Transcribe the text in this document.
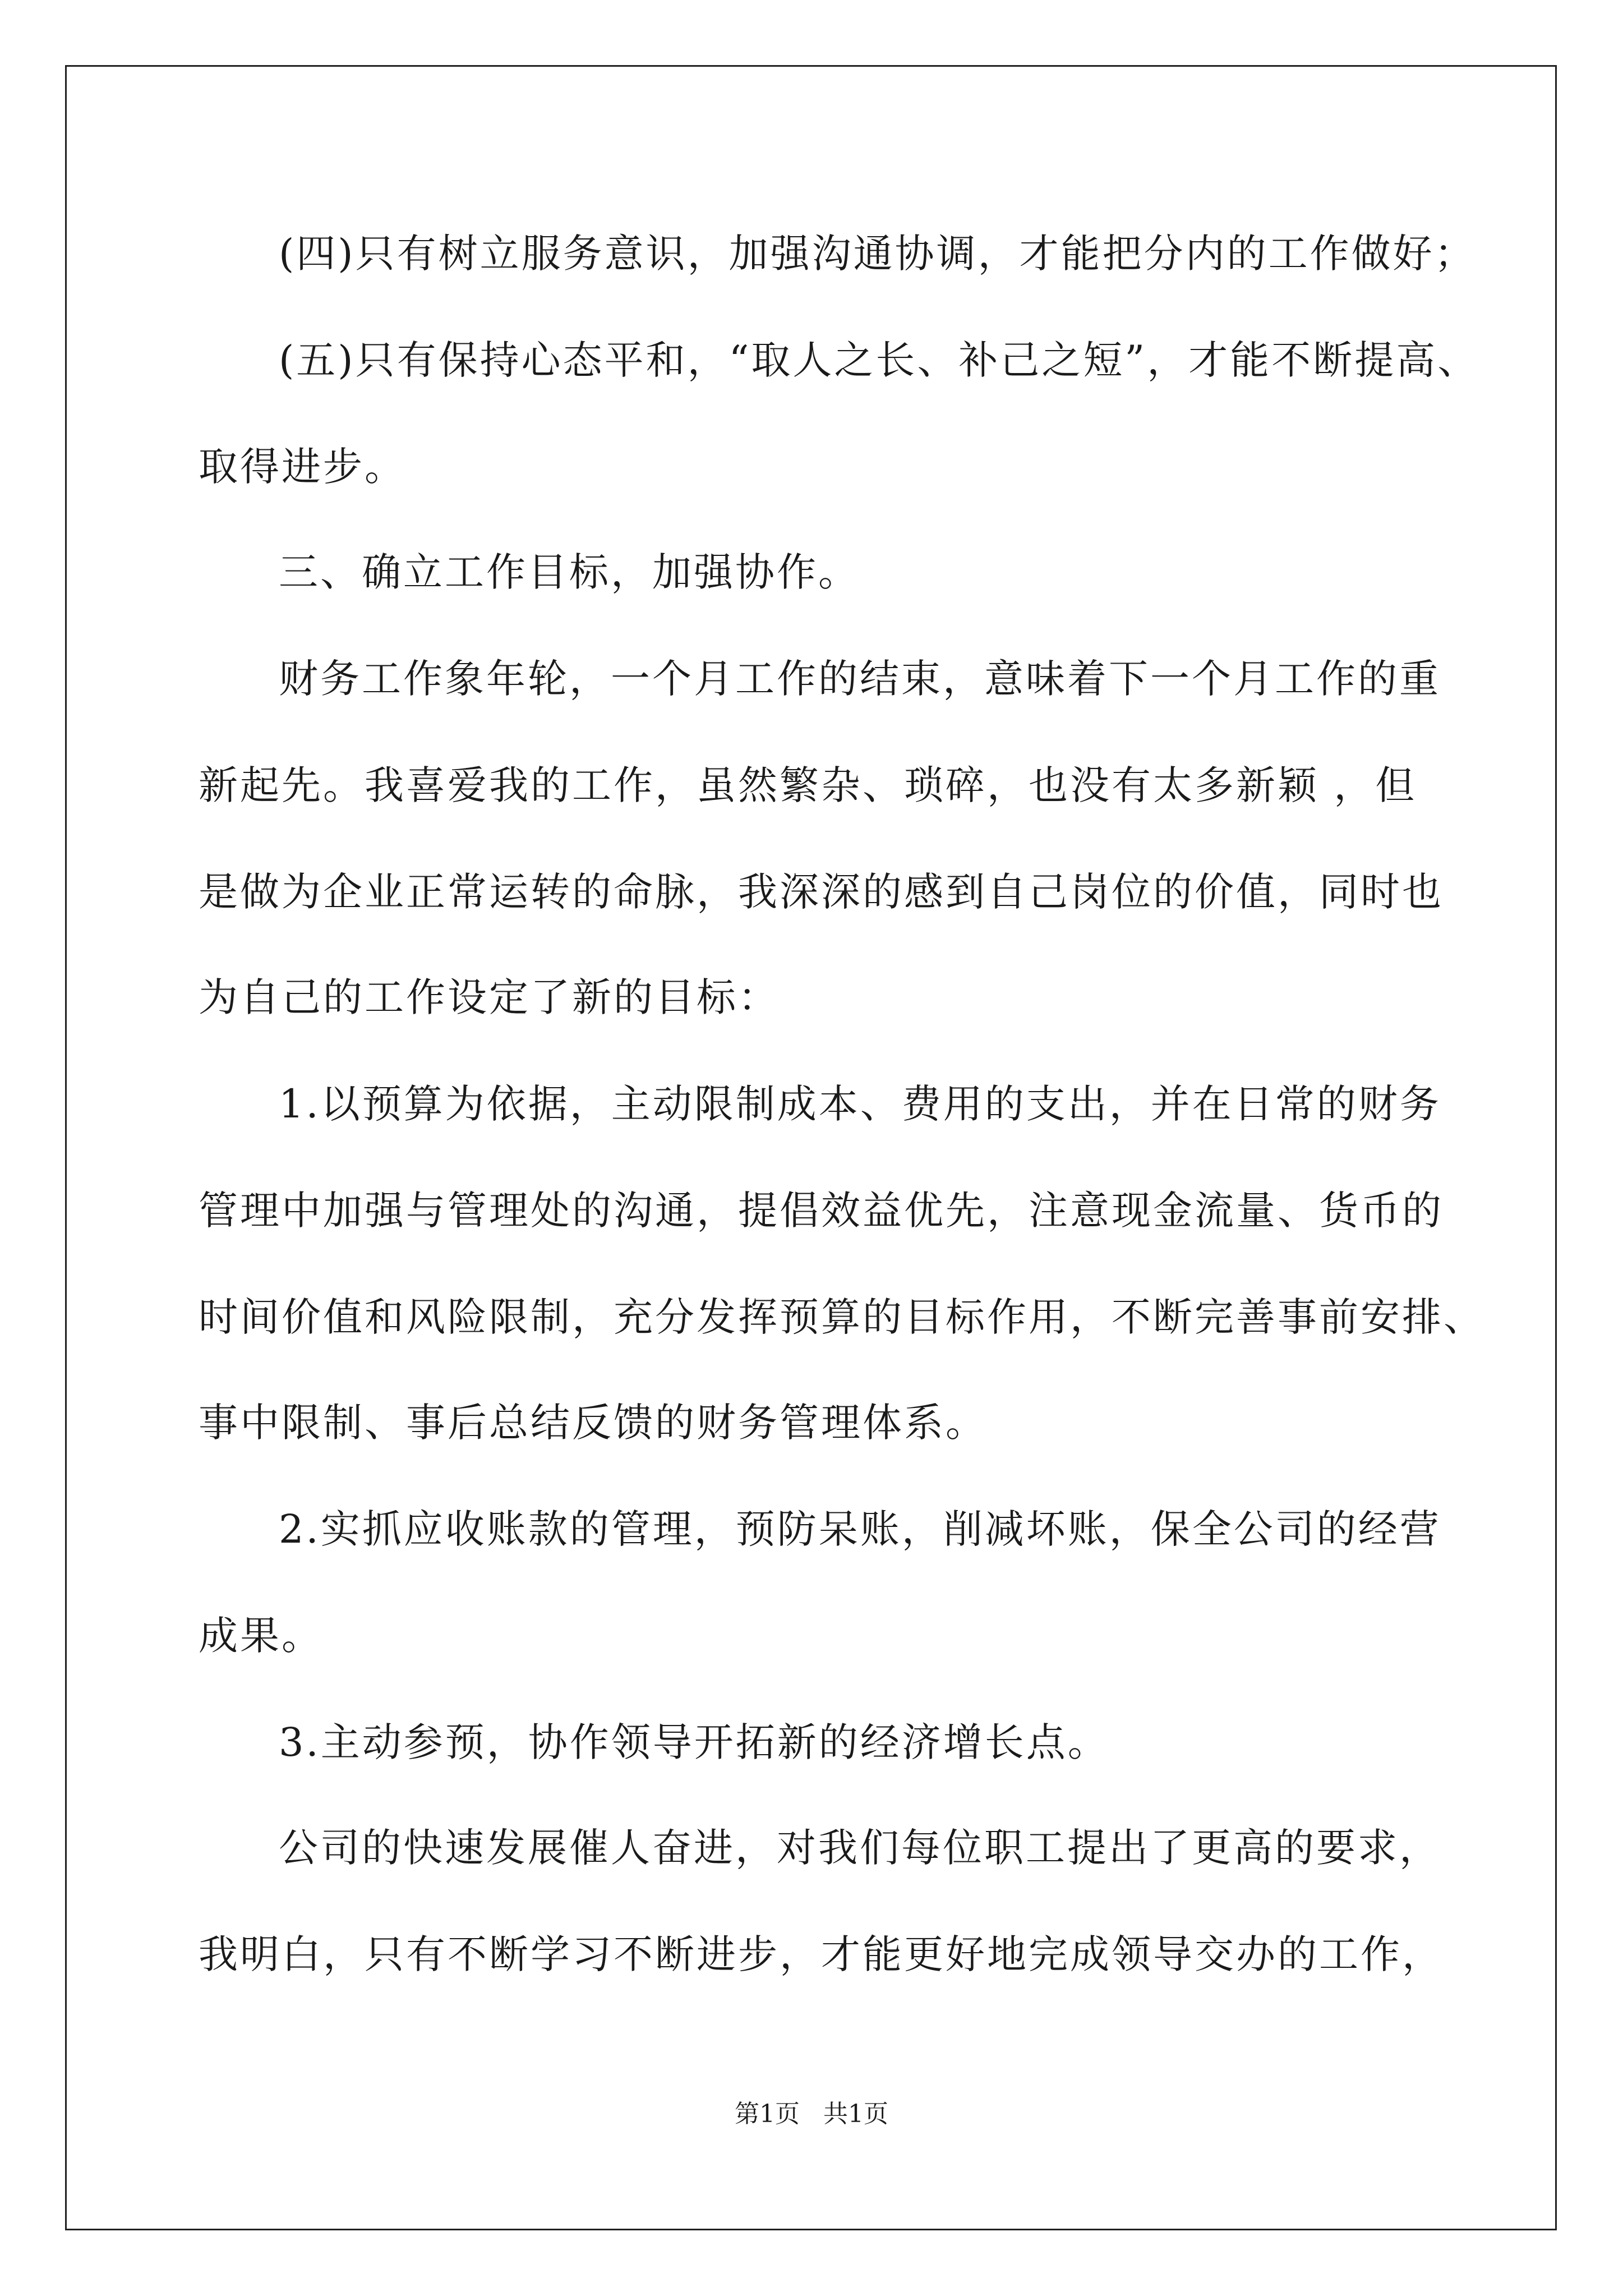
(四)只有树立服务意识，加强沟通协调，才能把分内的工作做好；
(五)只有保持心态平和，“取人之长、补己之短”，才能不断提高、
取得进步。
三、确立工作目标，加强协作。
财务工作象年轮，一个月工作的结束，意味着下一个月工作的重
新起先。我喜爱我的工作，虽然繁杂、琐碎，也没有太多新颖 ，但
是做为企业正常运转的命脉，我深深的感到自己岗位的价值，同时也
为自己的工作设定了新的目标：
1.以预算为依据，主动限制成本、费用的支出，并在日常的财务
管理中加强与管理处的沟通，提倡效益优先，注意现金流量、货币的
时间价值和风险限制，充分发挥预算的目标作用，不断完善事前安排、
事中限制、事后总结反馈的财务管理体系。
2.实抓应收账款的管理，预防呆账，削减坏账，保全公司的经营
成果。
3.主动参预，协作领导开拓新的经济增长点。
公司的快速发展催人奋进，对我们每位职工提出了更高的要求，
我明白，只有不断学习不断进步，才能更好地完成领导交办的工作，
第1页 共1页
